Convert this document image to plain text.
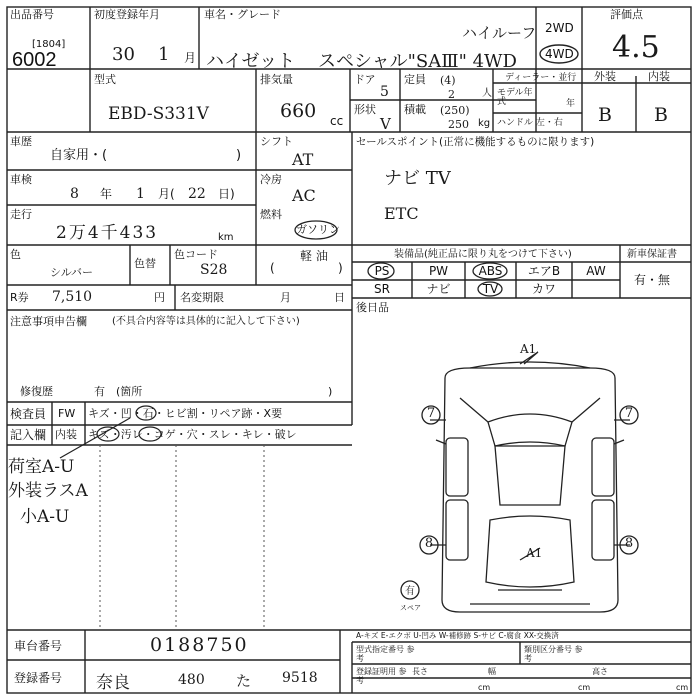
出品番号
[1804]
6002
初度登録年月
30 1 月
車名・グレード
ハイルーフ
ハイゼット スペシャル"SAⅢ" 4WD
2WD
4WD
評価点
4.5
型式
EBD-S331V
排気量
660 cc
ドア
5
定員 (4)
2	人
形状
V
積載 (250)
250 kg
ディーラー・並行
モデル年式	年
ハンドル 左・右
外装	内装
B B
車歴
自家用・(	)
シフト
AT
車検
8 年 1 月( 22 日)
冷房
AC
走行
2万4千433	km
燃料
ガソリン
軽 油
(	)
色
シルバー
色替
色コード
S28
R券 7,510	円 名変期限	月	日
注意事項申告欄	(不具合内容等は具体的に記入して下さい)
修復歴	有 (箇所	)
セールスポイント(正常に機能するものに限ります)
ナビ TV
ETC
装備品(純正品に限り丸をつけて下さい)	新車保証書
有・無
PS	PW	ABS	エアB	AW
SR	ナビ	TV	カワ
後日品
検査員
記入欄
FW キズ・凹・石・ヒビ割・リペア跡・X要
内装 キズ・汚レ・コゲ・穴・スレ・キレ・破レ
荷室A-U
外装ラスA
小A-U
A1
A1
7	7
8	8
有
スペア
車台番号	0188750
登録番号 奈良	480 た 9518
A-キズ E-エクボ U-凹み W-補修跡 S-サビ C-腐食 XX-交換済
型式指定番号 参考
類別区分番号 参考
登録証明用 参考
長さ	幅	高さ
cm	cm	cm
